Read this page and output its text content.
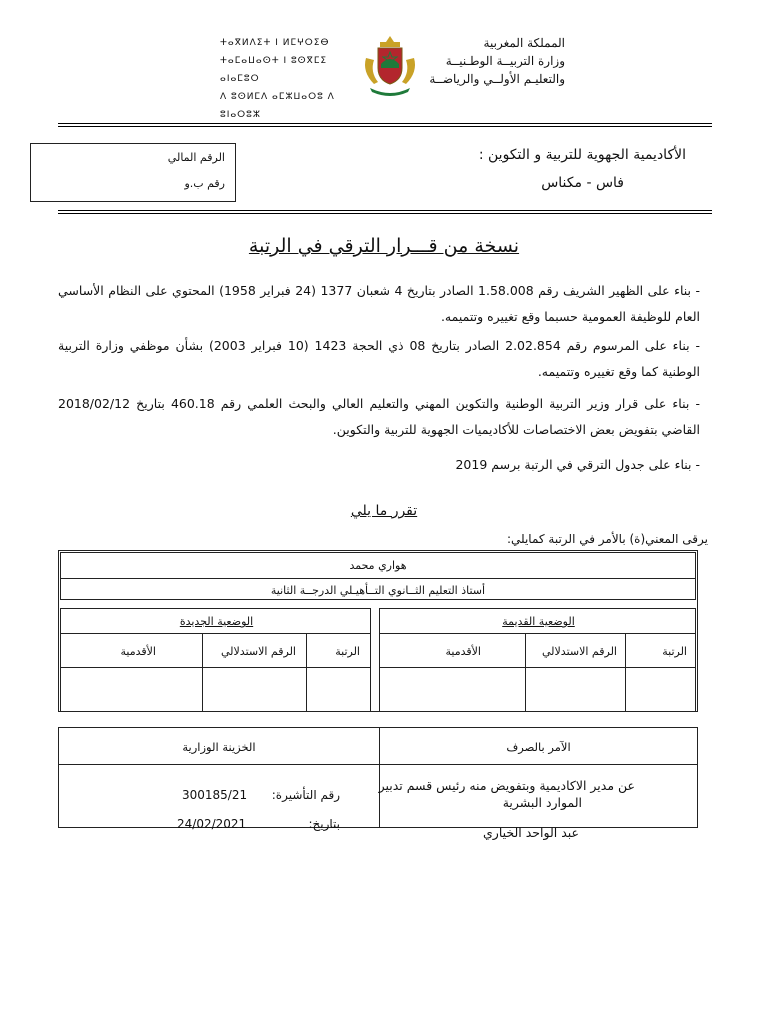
ⵜⴰⴳⵍⴷⵉⵜ ⵏ ⵍⵎⵖⵔⵉⴱ
ⵜⴰⵎⴰⵡⴰⵙⵜ ⵏ ⵓⵙⴳⵎⵉ ⴰⵏⴰⵎⵓⵔ
ⴷ ⵓⵙⵍⵎⴷ ⴰⵎⵣⵡⴰⵔⵓ ⴷ ⵓⵏⴰⵔⵓⵣ
المملكة المغربية
وزارة التربيــة الوطـنيــة
والتعليـم الأولــي والرياضــة
الرقم المالي
رقم ب.و
الأكاديمية الجهوية للتربية و التكوين :
فاس - مكناس
نسخة من قـــرار الترقي في الرتبة
- بناء على الظهير الشريف رقم 1.58.008 الصادر بتاريخ 4 شعبان 1377 (24 فبراير 1958) المحتوي على النظام الأساسي العام للوظيفة العمومية حسبما وقع تغييره وتتميمه.
- بناء على المرسوم رقم 2.02.854 الصادر بتاريخ 08 ذي الحجة 1423 (10 فبراير 2003) بشأن موظفي وزارة التربية الوطنية كما وقع تغييره وتتميمه.
- بناء على قرار وزير التربية الوطنية والتكوين المهني والتعليم العالي والبحث العلمي رقم 460.18 بتاريخ 2018/02/12 القاضي بتفويض بعض الاختصاصات للأكاديميات الجهوية للتربية والتكوين.
- بناء على جدول الترقي في الرتبة برسم 2019
تقرر ما يلي
يرقى المعني(ة) بالأمر في الرتبة كمايلي:
هواري محمد
أستاذ التعليم الثــانوي التــأهيـلي الدرجــة الثانية
الوضعية القديمة
الرتبة
الرقم الاستدلالي
الأقدمية
الوضعية الجديدة
الرتبة
الرقم الاستدلالي
الأقدمية
الآمر بالصرف
الخزينة الوزارية
عن مدير الاكاديمية وبتفويض منه رئيس قسم تدبير
الموارد البشرية
عبد الواحد الخياري
رقم التأشيرة:
300185/21
بتاريخ:
24/02/2021
